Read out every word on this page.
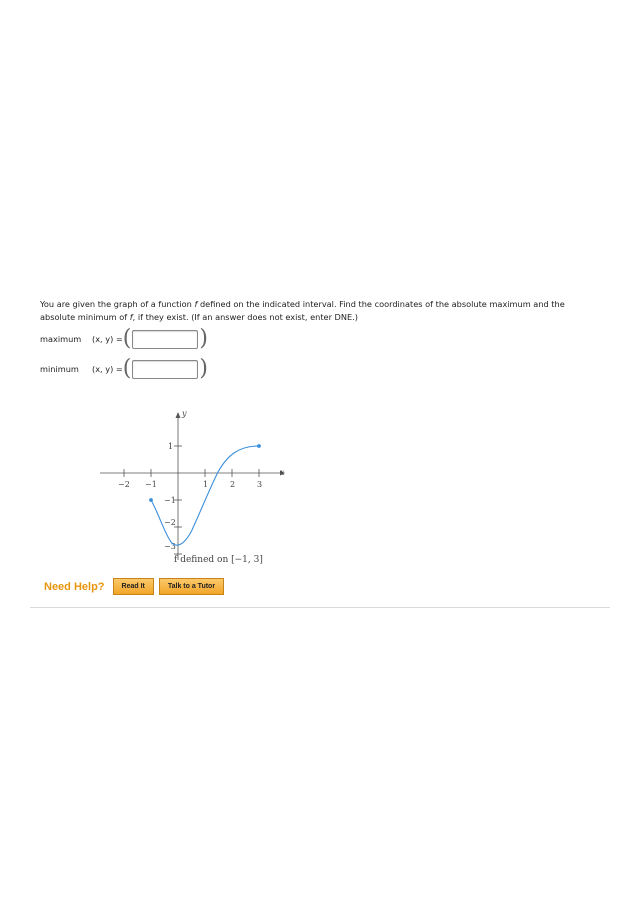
You are given the graph of a function f defined on the indicated interval. Find the coordinates of the absolute maximum and the absolute minimum of f, if they exist. (If an answer does not exist, enter DNE.)
maximum	(x, y) = (	)
minimum	(x, y) = (	)
y
x
−2 −1	1	2	3
1
−1
−2
−3
f defined on [−1, 3]
Need Help?	Read It	Talk to a Tutor
